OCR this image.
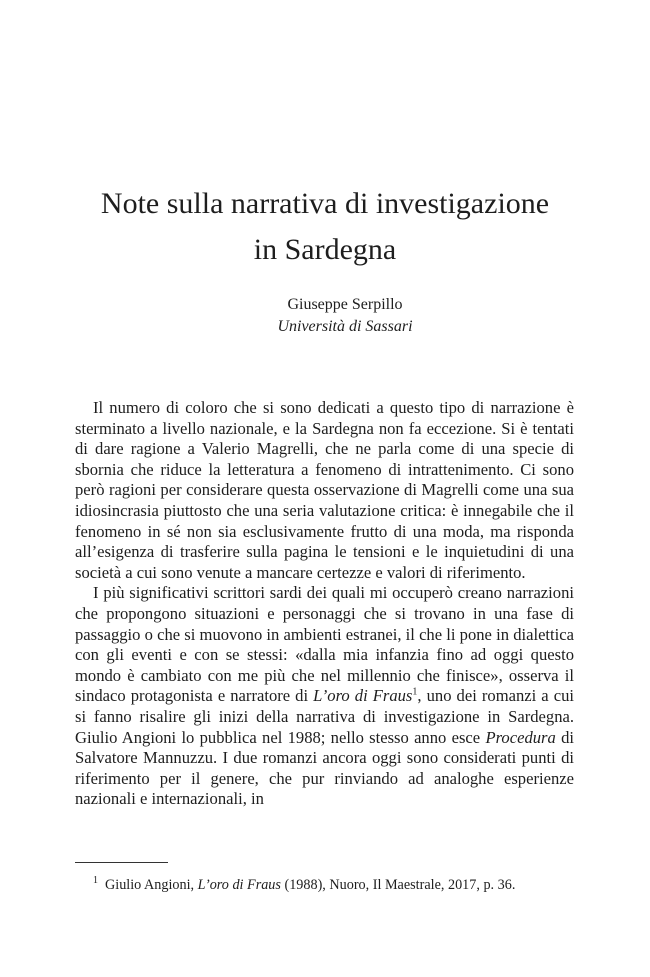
Note sulla narrativa di investigazione
in Sardegna
Giuseppe Serpillo
Università di Sassari

Il numero di coloro che si sono dedicati a questo tipo di narrazione è sterminato a livello nazionale, e la Sardegna non fa eccezione. Si è tentati di dare ragione a Valerio Magrelli, che ne parla come di una specie di sbornia che riduce la letteratura a fenomeno di intrattenimento. Ci sono però ragioni per considerare questa osservazione di Magrelli come una sua idiosincrasia piuttosto che una seria valutazione critica: è innegabile che il fenomeno in sé non sia esclusivamente frutto di una moda, ma risponda all’esigenza di trasferire sulla pagina le tensioni e le inquietudini di una società a cui sono venute a mancare certezze e valori di riferimento.

I più significativi scrittori sardi dei quali mi occuperò creano narrazioni che propongono situazioni e personaggi che si trovano in una fase di passaggio o che si muovono in ambienti estranei, il che li pone in dialettica con gli eventi e con se stessi: «dalla mia infanzia fino ad oggi questo mondo è cambiato con me più che nel millennio che finisce», osserva il sindaco protagonista e narratore di L’oro di Fraus$^1$, uno dei romanzi a cui si fanno risalire gli inizi della narrativa di investigazione in Sardegna. Giulio Angioni lo pubblica nel 1988; nello stesso anno esce Procedura di Salvatore Mannuzzu. I due romanzi ancora oggi sono considerati punti di riferimento per il genere, che pur rinviando ad analoghe esperienze nazionali e internazionali, in

$^1$ Giulio Angioni, L’oro di Fraus (1988), Nuoro, Il Maestrale, 2017, p. 36.
